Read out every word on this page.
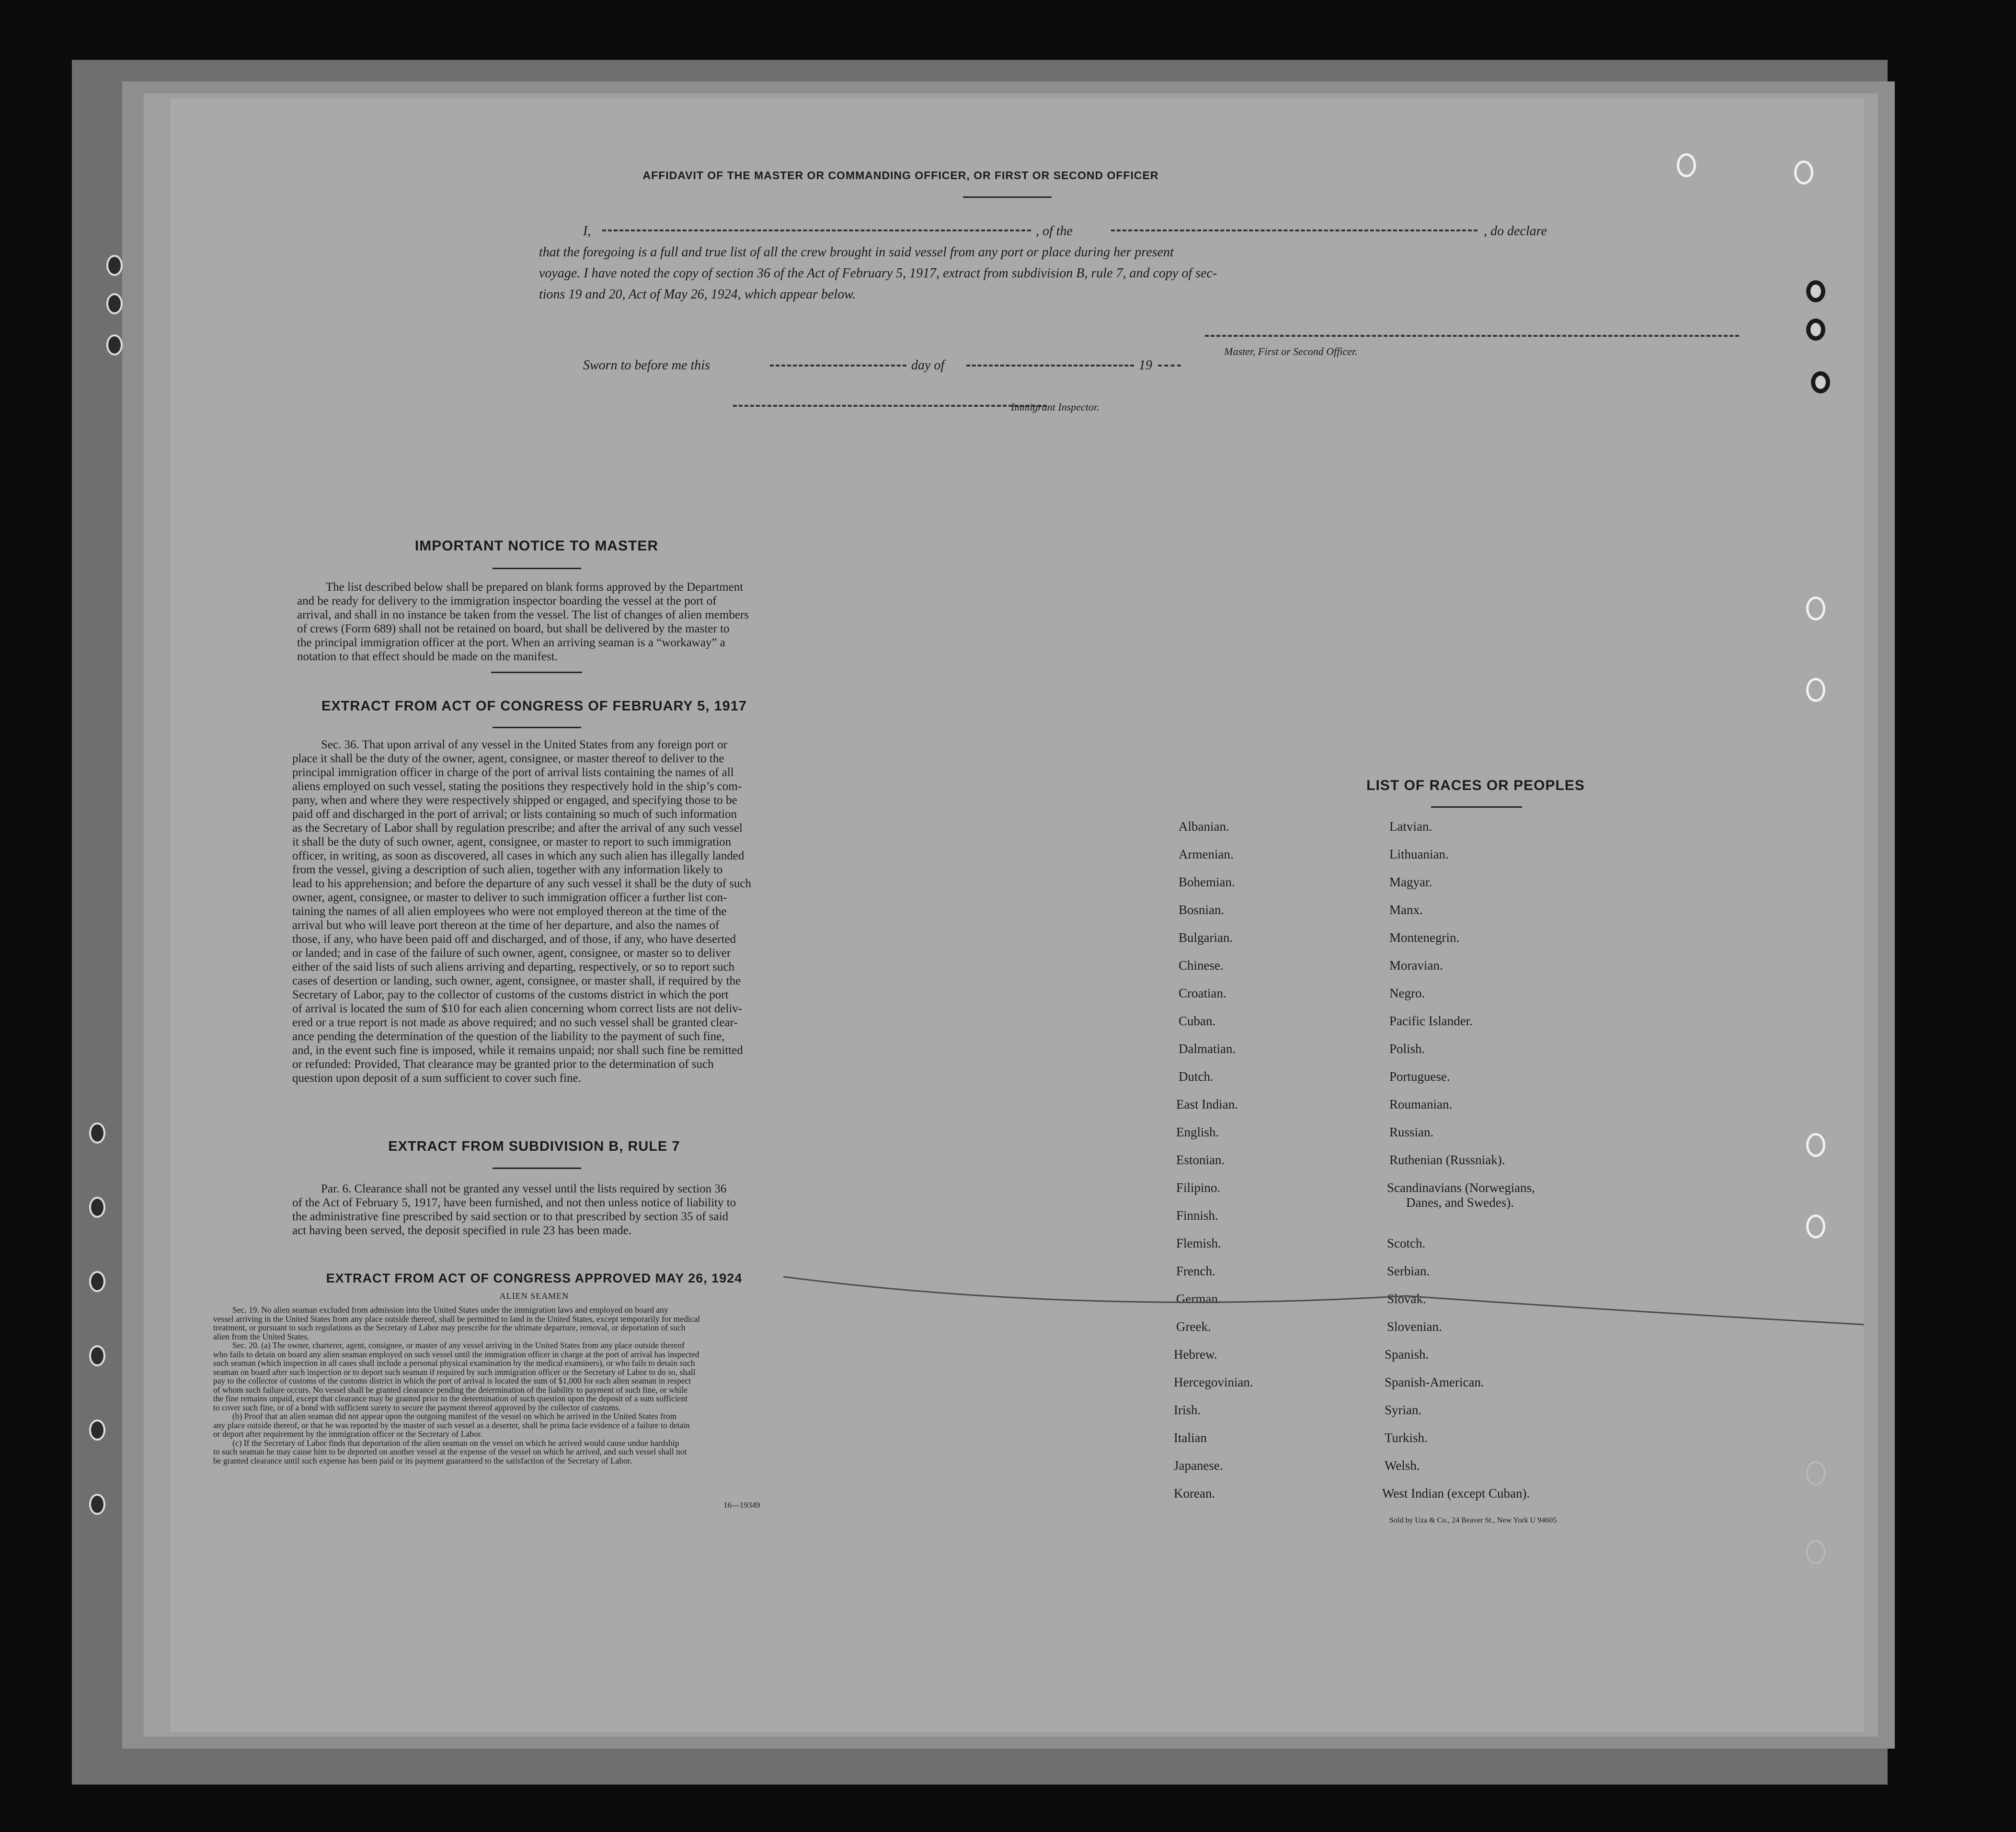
AFFIDAVIT OF THE MASTER OR COMMANDING OFFICER, OR FIRST OR SECOND OFFICER
I,	, of the	, do declare
that the foregoing is a full and true list of all the crew brought in said vessel from any port or place during her present
voyage. I have noted the copy of section 36 of the Act of February 5, 1917, extract from subdivision B, rule 7, and copy of sec-
tions 19 and 20, Act of May 26, 1924, which appear below.
Master, First or Second Officer.
Sworn to before me this	day of	19
Immigrant Inspector.
IMPORTANT NOTICE TO MASTER
The list described below shall be prepared on blank forms approved by the Department
and be ready for delivery to the immigration inspector boarding the vessel at the port of
arrival, and shall in no instance be taken from the vessel. The list of changes of alien members
of crews (Form 689) shall not be retained on board, but shall be delivered by the master to
the principal immigration officer at the port. When an arriving seaman is a “workaway” a
notation to that effect should be made on the manifest.
EXTRACT FROM ACT OF CONGRESS OF FEBRUARY 5, 1917
Sec. 36. That upon arrival of any vessel in the United States from any foreign port or
place it shall be the duty of the owner, agent, consignee, or master thereof to deliver to the
principal immigration officer in charge of the port of arrival lists containing the names of all
aliens employed on such vessel, stating the positions they respectively hold in the ship’s com-
pany, when and where they were respectively shipped or engaged, and specifying those to be
paid off and discharged in the port of arrival; or lists containing so much of such information
as the Secretary of Labor shall by regulation prescribe; and after the arrival of any such vessel
it shall be the duty of such owner, agent, consignee, or master to report to such immigration
officer, in writing, as soon as discovered, all cases in which any such alien has illegally landed
from the vessel, giving a description of such alien, together with any information likely to
lead to his apprehension; and before the departure of any such vessel it shall be the duty of such
owner, agent, consignee, or master to deliver to such immigration officer a further list con-
taining the names of all alien employees who were not employed thereon at the time of the
arrival but who will leave port thereon at the time of her departure, and also the names of
those, if any, who have been paid off and discharged, and of those, if any, who have deserted
or landed; and in case of the failure of such owner, agent, consignee, or master so to deliver
either of the said lists of such aliens arriving and departing, respectively, or so to report such
cases of desertion or landing, such owner, agent, consignee, or master shall, if required by the
Secretary of Labor, pay to the collector of customs of the customs district in which the port
of arrival is located the sum of $10 for each alien concerning whom correct lists are not deliv-
ered or a true report is not made as above required; and no such vessel shall be granted clear-
ance pending the determination of the question of the liability to the payment of such fine,
and, in the event such fine is imposed, while it remains unpaid; nor shall such fine be remitted
or refunded: Provided, That clearance may be granted prior to the determination of such
question upon deposit of a sum sufficient to cover such fine.
EXTRACT FROM SUBDIVISION B, RULE 7
Par. 6. Clearance shall not be granted any vessel until the lists required by section 36
of the Act of February 5, 1917, have been furnished, and not then unless notice of liability to
the administrative fine prescribed by said section or to that prescribed by section 35 of said
act having been served, the deposit specified in rule 23 has been made.
EXTRACT FROM ACT OF CONGRESS APPROVED MAY 26, 1924
ALIEN SEAMEN
Sec. 19. No alien seaman excluded from admission into the United States under the immigration laws and employed on board any
vessel arriving in the United States from any place outside thereof, shall be permitted to land in the United States, except temporarily for medical
treatment, or pursuant to such regulations as the Secretary of Labor may prescribe for the ultimate departure, removal, or deportation of such
alien from the United States.
Sec. 20. (a) The owner, charterer, agent, consignee, or master of any vessel arriving in the United States from any place outside thereof
who fails to detain on board any alien seaman employed on such vessel until the immigration officer in charge at the port of arrival has inspected
such seaman (which inspection in all cases shall include a personal physical examination by the medical examiners), or who fails to detain such
seaman on board after such inspection or to deport such seaman if required by such immigration officer or the Secretary of Labor to do so, shall
pay to the collector of customs of the customs district in which the port of arrival is located the sum of $1,000 for each alien seaman in respect
of whom such failure occurs. No vessel shall be granted clearance pending the determination of the liability to payment of such fine, or while
the fine remains unpaid, except that clearance may be granted prior to the determination of such question upon the deposit of a sum sufficient
to cover such fine, or of a bond with sufficient surety to secure the payment thereof approved by the collector of customs.
(b) Proof that an alien seaman did not appear upon the outgoing manifest of the vessel on which he arrived in the United States from
any place outside thereof, or that he was reported by the master of such vessel as a deserter, shall be prima facie evidence of a failure to detain
or deport after requirement by the immigration officer or the Secretary of Labor.
(c) If the Secretary of Labor finds that deportation of the alien seaman on the vessel on which he arrived would cause undue hardship
to such seaman he may cause him to be deported on another vessel at the expense of the vessel on which he arrived, and such vessel shall not
be granted clearance until such expense has been paid or its payment guaranteed to the satisfaction of the Secretary of Labor.
16—19349
LIST OF RACES OR PEOPLES
Albanian.
Armenian.
Bohemian.
Bosnian.
Bulgarian.
Chinese.
Croatian.
Cuban.
Dalmatian.
Dutch.
East Indian.
English.
Estonian.
Filipino.
Finnish.
Flemish.
French.
German.
Greek.
Hebrew.
Hercegovinian.
Irish.
Italian
Japanese.
Korean.
Latvian.
Lithuanian.
Magyar.
Manx.
Montenegrin.
Moravian.
Negro.
Pacific Islander.
Polish.
Portuguese.
Roumanian.
Russian.
Ruthenian (Russniak).
Scandinavians (Norwegians,
Danes, and Swedes).
Scotch.
Serbian.
Slovak.
Slovenian.
Spanish.
Spanish-American.
Syrian.
Turkish.
Welsh.
West Indian (except Cuban).
Sold by Uza & Co., 24 Beaver St., New York U 94605
